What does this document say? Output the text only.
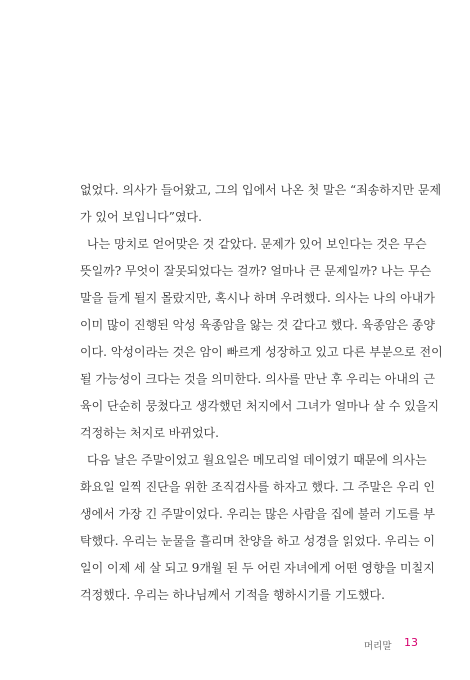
없었다. 의사가 들어왔고, 그의 입에서 나온 첫 말은 “죄송하지만 문제
가 있어 보입니다”였다.
나는 망치로 얻어맞은 것 같았다. 문제가 있어 보인다는 것은 무슨
뜻일까? 무엇이 잘못되었다는 걸까? 얼마나 큰 문제일까? 나는 무슨
말을 들게 될지 몰랐지만, 혹시나 하며 우려했다. 의사는 나의 아내가
이미 많이 진행된 악성 육종암을 앓는 것 같다고 했다. 육종암은 종양
이다. 악성이라는 것은 암이 빠르게 성장하고 있고 다른 부분으로 전이
될 가능성이 크다는 것을 의미한다. 의사를 만난 후 우리는 아내의 근
육이 단순히 뭉쳤다고 생각했던 처지에서 그녀가 얼마나 살 수 있을지
걱정하는 처지로 바뀌었다.
다음 날은 주말이었고 월요일은 메모리얼 데이였기 때문에 의사는
화요일 일찍 진단을 위한 조직검사를 하자고 했다. 그 주말은 우리 인
생에서 가장 긴 주말이었다. 우리는 많은 사람을 집에 불러 기도를 부
탁했다. 우리는 눈물을 흘리며 찬양을 하고 성경을 읽었다. 우리는 이
일이 이제 세 살 되고 9개월 된 두 어린 자녀에게 어떤 영향을 미칠지
걱정했다. 우리는 하나님께서 기적을 행하시기를 기도했다.
머리말 13
